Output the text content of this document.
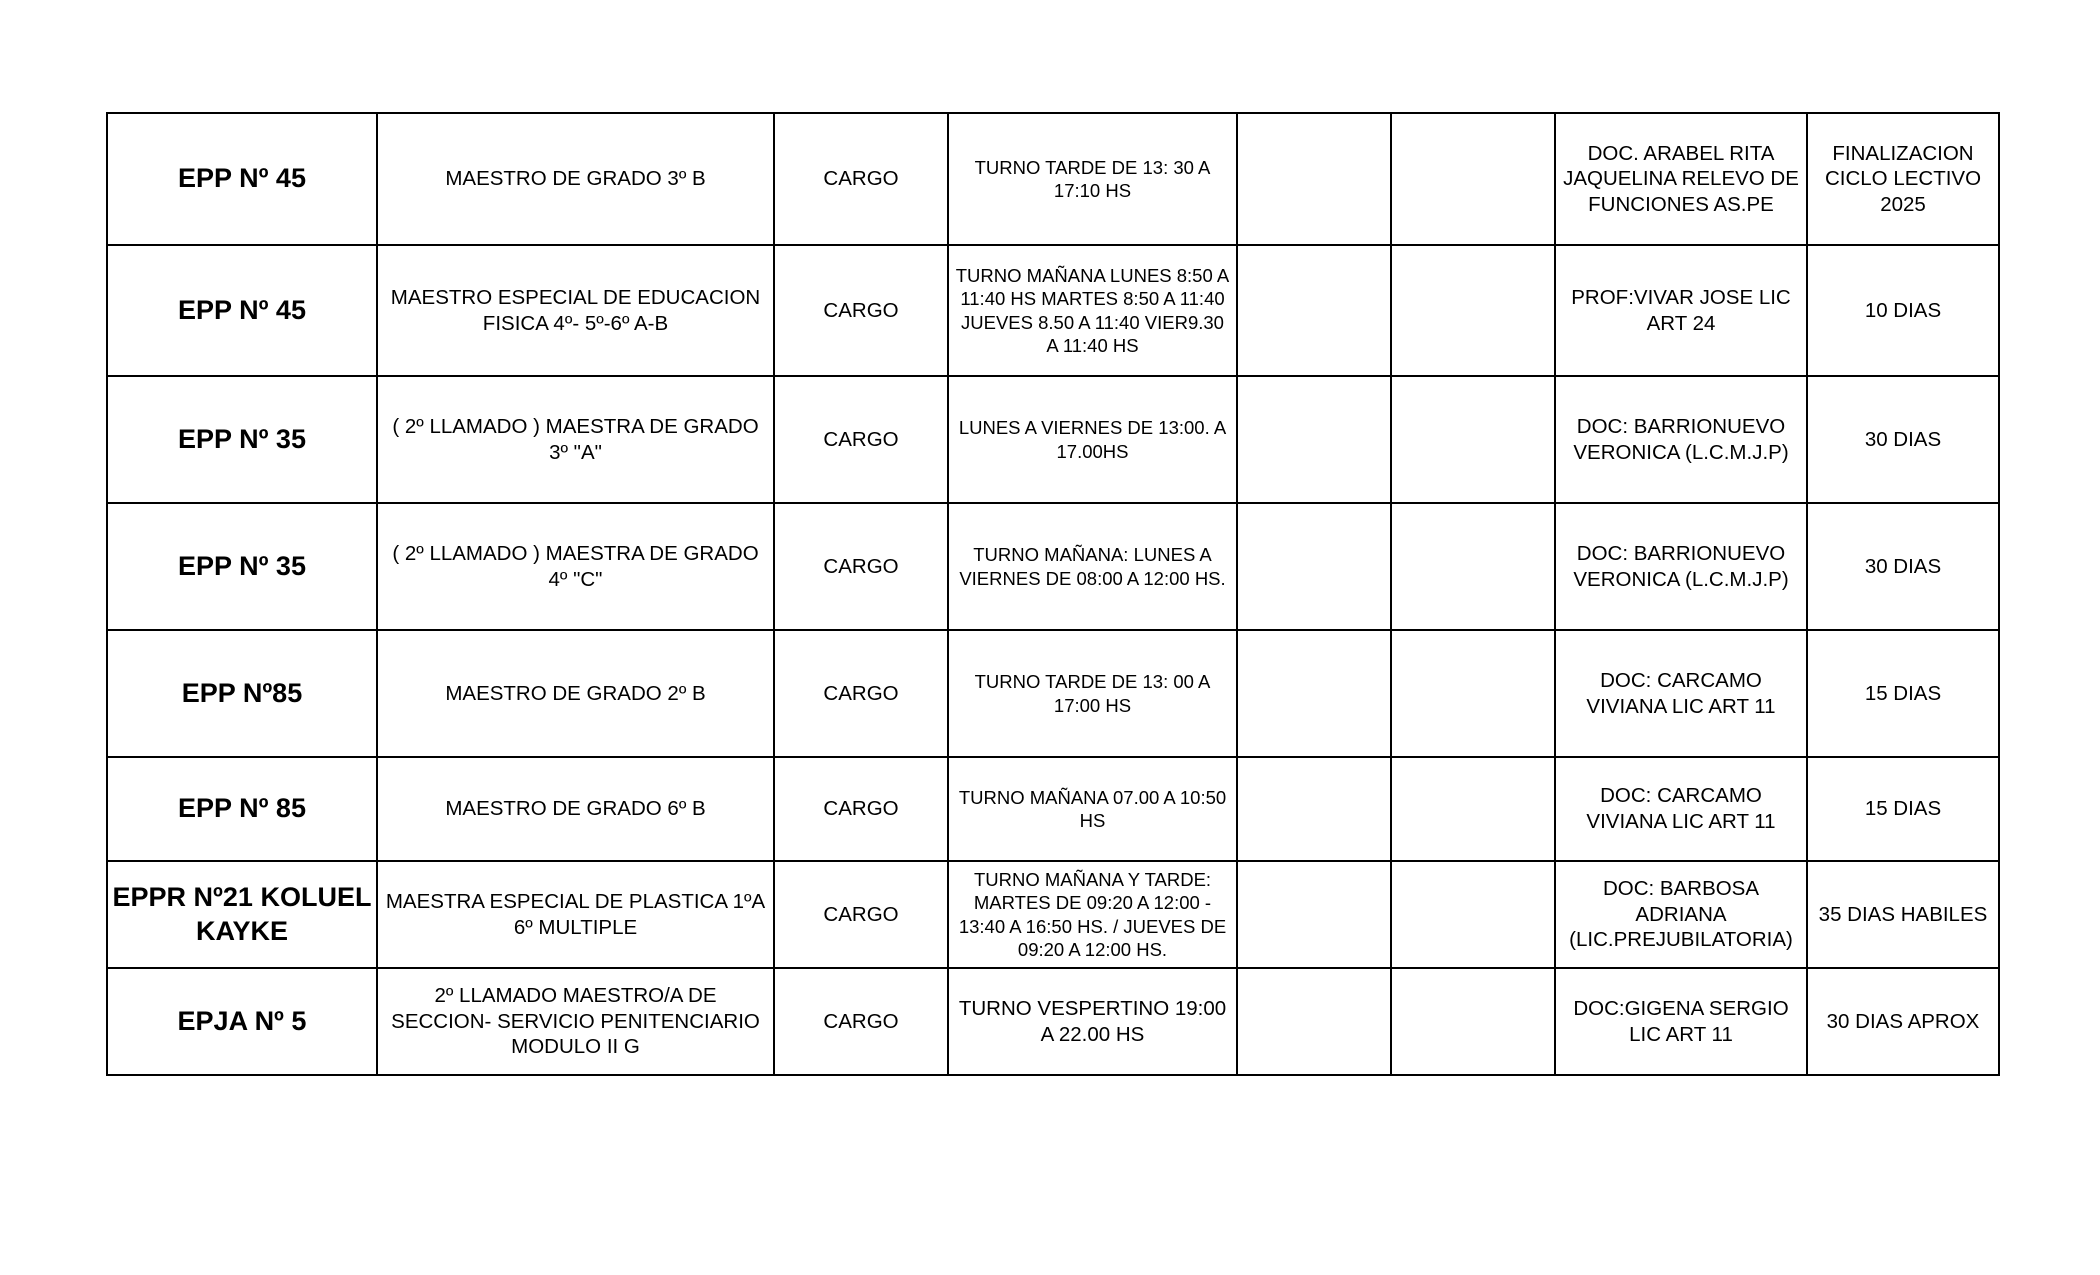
EPP Nº 45	MAESTRO DE GRADO 3º B	CARGO	TURNO TARDE DE 13: 30 A 17:10 HS			DOC. ARABEL RITA JAQUELINA RELEVO DE FUNCIONES AS.PE	FINALIZACION CICLO LECTIVO 2025
EPP Nº 45	MAESTRO ESPECIAL DE EDUCACION FISICA 4º- 5º-6º A-B	CARGO	TURNO MAÑANA LUNES 8:50 A 11:40 HS MARTES 8:50 A 11:40 JUEVES 8.50 A 11:40 VIER9.30 A 11:40 HS			PROF:VIVAR JOSE LIC ART 24	10 DIAS
EPP Nº 35	( 2º LLAMADO ) MAESTRA DE GRADO 3º "A"	CARGO	LUNES A VIERNES DE 13:00. A 17.00HS			DOC: BARRIONUEVO VERONICA (L.C.M.J.P)	30 DIAS
EPP Nº 35	( 2º LLAMADO ) MAESTRA DE GRADO 4º "C"	CARGO	TURNO MAÑANA: LUNES A VIERNES DE 08:00 A 12:00 HS.			DOC: BARRIONUEVO VERONICA (L.C.M.J.P)	30 DIAS
EPP Nº85	MAESTRO DE GRADO 2º B	CARGO	TURNO TARDE DE 13: 00 A 17:00 HS			DOC: CARCAMO VIVIANA LIC ART 11	15 DIAS
EPP Nº 85	MAESTRO DE GRADO 6º B	CARGO	TURNO MAÑANA 07.00 A 10:50 HS			DOC: CARCAMO VIVIANA LIC ART 11	15 DIAS
EPPR Nº21 KOLUEL KAYKE	MAESTRA ESPECIAL DE PLASTICA 1ºA 6º MULTIPLE	CARGO	TURNO MAÑANA Y TARDE: MARTES DE 09:20 A 12:00 - 13:40 A 16:50 HS. / JUEVES DE 09:20 A 12:00 HS.			DOC: BARBOSA ADRIANA (LIC.PREJUBILATORIA)	35 DIAS HABILES
EPJA Nº 5	2º LLAMADO MAESTRO/A DE SECCION- SERVICIO PENITENCIARIO MODULO II G	CARGO	TURNO VESPERTINO 19:00 A 22.00 HS			DOC:GIGENA SERGIO LIC ART 11	30 DIAS APROX
